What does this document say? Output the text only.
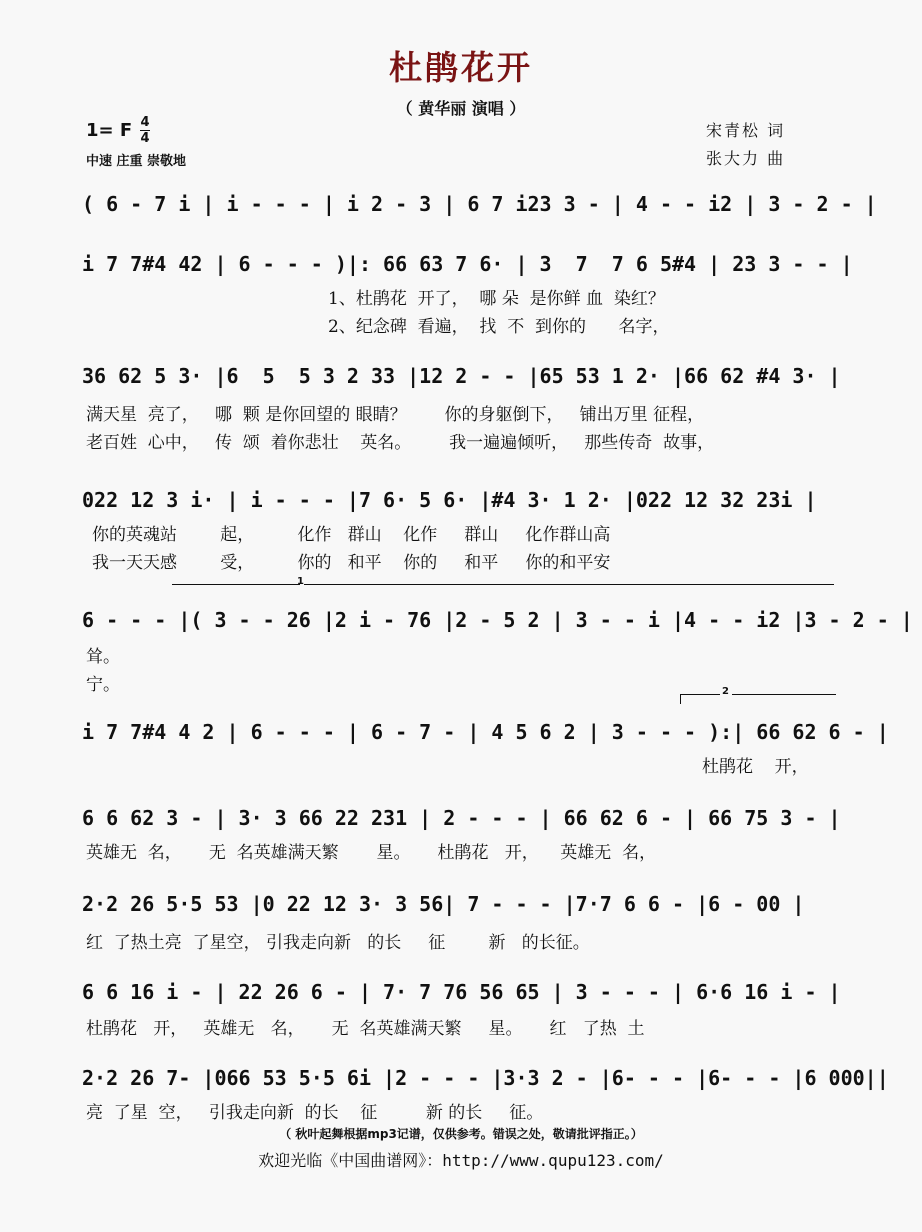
杜鹃花开
（ 黄华丽 演唱 ）
1= F 4
4
中速 庄重 崇敬地
宋青松 词
张大力 曲
( 6 - 7 i | i - - - | i 2 - 3 | 6 7 i23 3 - | 4 - - i2 | 3 - 2 - |
i 7 7#4 42 | 6 - - - )|: 66 63 7 6· | 3  7  7 6 5#4 | 23 3 - - |
1、杜鹃花  开了，  哪 朵  是你鲜 血  染红？
2、纪念碑  看遍，  找  不  到你的      名字，
36 62 5 3· |6  5  5 3 2 33 |12 2 - - |65 53 1 2· |66 62 #4 3· |
满天星  亮了，   哪  颗 是你回望的 眼睛？       你的身躯倒下，   铺出万里 征程，
老百姓  心中，   传  颂  着你悲壮    英名。       我一遍遍倾听，   那些传奇  故事，
022 12 3 i· | i - - - |7 6· 5 6· |#4 3· 1 2· |022 12 32 23i |
你的英魂站        起，        化作   群山    化作     群山     化作群山高
我一天天感        受，        你的   和平    你的     和平     你的和平安
1
6 - - - |( 3 - - 26 |2 i - 76 |2 - 5 2 | 3 - - i |4 - - i2 |3 - 2 - |
耸。
宁。	2
i 7 7#4 4 2 | 6 - - - | 6 - 7 - | 4 5 6 2 | 3 - - - ):| 66 62 6 - |
杜鹃花    开，
6 6 62 3 - | 3· 3 66 22 231 | 2 - - - | 66 62 6 - | 66 75 3 - |
英雄无  名，     无  名英雄满天繁       星。     杜鹃花   开，    英雄无  名，
2·2 26 5·5 53 |0 22 12 3· 3 56| 7 - - - |7·7 6 6 - |6 - 00 |
红  了热土亮  了星空， 引我走向新   的长     征        新   的长征。
6 6 16 i - | 22 26 6 - | 7· 7 76 56 65 | 3 - - - | 6·6 16 i - |
杜鹃花   开，   英雄无   名，     无  名英雄满天繁     星。     红   了热  土
2·2 26 7- |066 53 5·5 6i |2 - - - |3·3 2 - |6- - - |6- - - |6 000||
亮  了星  空，   引我走向新  的长    征         新 的长     征。
（ 秋叶起舞根据mp3记谱，仅供参考。错误之处，敬请批评指正。）
欢迎光临《中国曲谱网》：http://www.qupu123.com/
